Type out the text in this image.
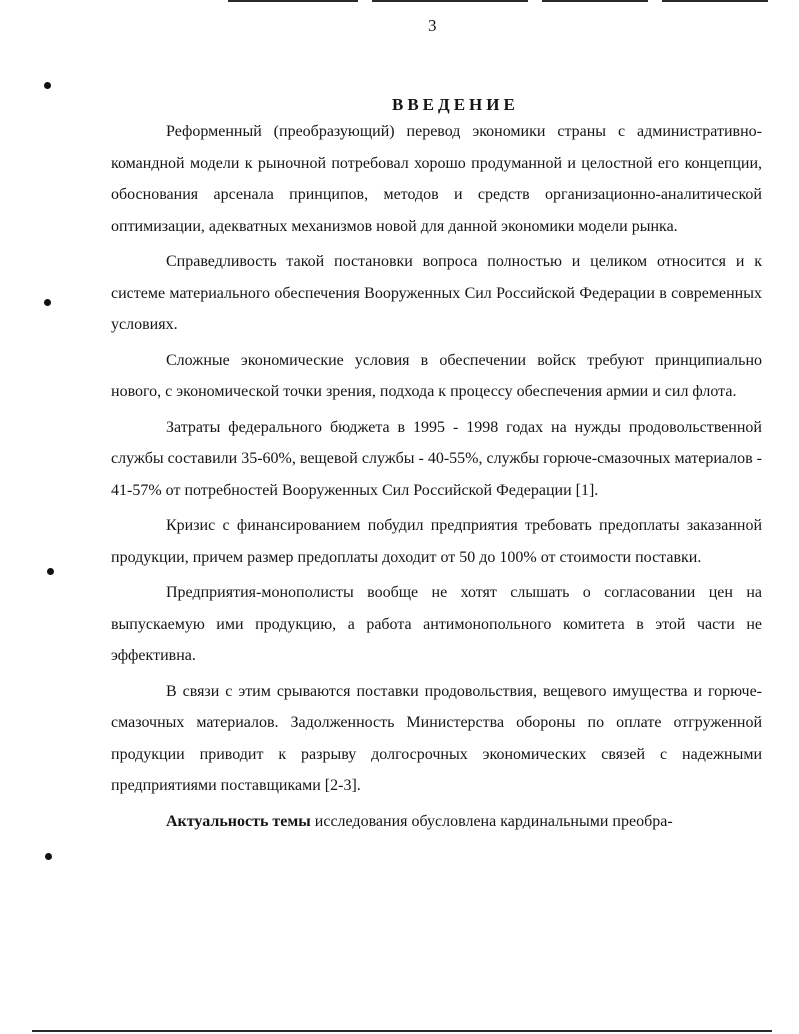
3
ВВЕДЕНИЕ

Реформенный (преобразующий) перевод экономики страны с административно-командной модели к рыночной потребовал хорошо продуманной и целостной его концепции, обоснования арсенала принципов, методов и средств организационно-аналитической оптимизации, адекватных механизмов новой для данной экономики модели рынка.

Справедливость такой постановки вопроса полностью и целиком относится и к системе материального обеспечения Вооруженных Сил Российской Федерации в современных условиях.

Сложные экономические условия в обеспечении войск требуют принципиально нового, с экономической точки зрения, подхода к процессу обеспечения армии и сил флота.

Затраты федерального бюджета в 1995 - 1998 годах на нужды продовольственной службы составили 35-60%, вещевой службы - 40-55%, службы горюче-смазочных материалов - 41-57% от потребностей Вооруженных Сил Российской Федерации [1].

Кризис с финансированием побудил предприятия требовать предоплаты заказанной продукции, причем размер предоплаты доходит от 50 до 100% от стоимости поставки.

Предприятия-монополисты вообще не хотят слышать о согласовании цен на выпускаемую ими продукцию, а работа антимонопольного комитета в этой части не эффективна.

В связи с этим срываются поставки продовольствия, вещевого имущества и горюче-смазочных материалов. Задолженность Министерства обороны по оплате отгруженной продукции приводит к разрыву долгосрочных экономических связей с надежными предприятиями поставщиками [2-3].

Актуальность темы исследования обусловлена кардинальными преобра-
